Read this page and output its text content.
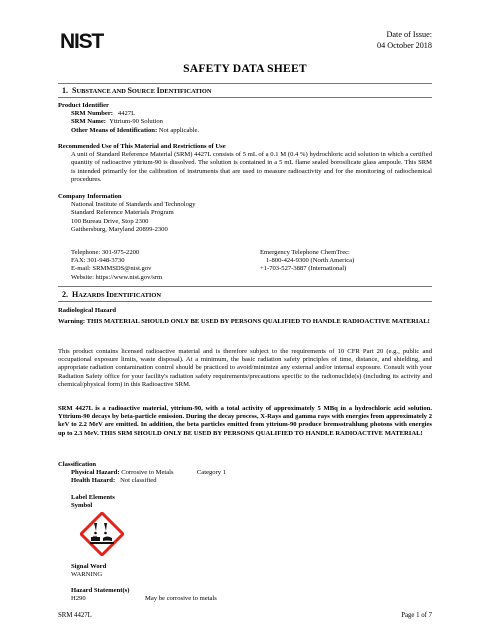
NIST	Date of Issue:
04 October 2018
SAFETY DATA SHEET
1. SUBSTANCE AND SOURCE IDENTIFICATION
Product Identifier
SRM Number: 4427L
SRM Name: Yttrium-90 Solution
Other Means of Identification: Not applicable.
Recommended Use of This Material and Restrictions of Use
A unit of Standard Reference Material (SRM) 4427L consists of 5 mL of a 0.1 M (0.4 %) hydrochloric acid solution in which a certified quantity of radioactive yttrium-90 is dissolved. The solution is contained in a 5 mL flame sealed borosilicate glass ampoule. This SRM is intended primarily for the calibration of instruments that are used to measure radioactivity and for the monitoring of radiochemical procedures.
Company Information
National Institute of Standards and Technology
Standard Reference Materials Program
100 Bureau Drive, Stop 2300
Gaithersburg, Maryland 20899-2300
Telephone: 301-975-2200
FAX: 301-948-3730
E-mail: SRMMSDS@nist.gov
Website: https://www.nist.gov/srm
Emergency Telephone ChemTrec:
1-800-424-9300 (North America)
+1-703-527-3887 (International)
2. HAZARDS IDENTIFICATION
Radiological Hazard
Warning: THIS MATERIAL SHOULD ONLY BE USED BY PERSONS QUALIFIED TO HANDLE RADIOACTIVE MATERIAL!
This product contains licensed radioactive material and is therefore subject to the requirements of 10 CFR Part 20 (e.g., public and occupational exposure limits, waste disposal). At a minimum, the basic radiation safety principles of time, distance, and shielding, and appropriate radiation contamination control should be practiced to avoid/minimize any external and/or internal exposure. Consult with your Radiation Safety office for your facility's radiation safety requirements/precautions specific to the radionuclide(s) (including its activity and chemical/physical form) in this Radioactive SRM.
SRM 4427L is a radioactive material, yttrium-90, with a total activity of approximately 5 MBq in a hydrochloric acid solution. Yttrium-90 decays by beta-particle emission. During the decay process, X-Rays and gamma rays with energies from approximately 2 keV to 2.2 MeV are emitted. In addition, the beta particles emitted from yttrium-90 produce bremsstrahlung photons with energies up to 2.3 MeV. THIS SRM SHOULD ONLY BE USED BY PERSONS QUALIFIED TO HANDLE RADIOACTIVE MATERIAL!
Classification
Physical Hazard: Corrosive to Metals	Category 1
Health Hazard: Not classified
Label Elements
Symbol
Signal Word
WARNING
Hazard Statement(s)
H290	May be corrosive to metals
SRM 4427L	Page 1 of 7
